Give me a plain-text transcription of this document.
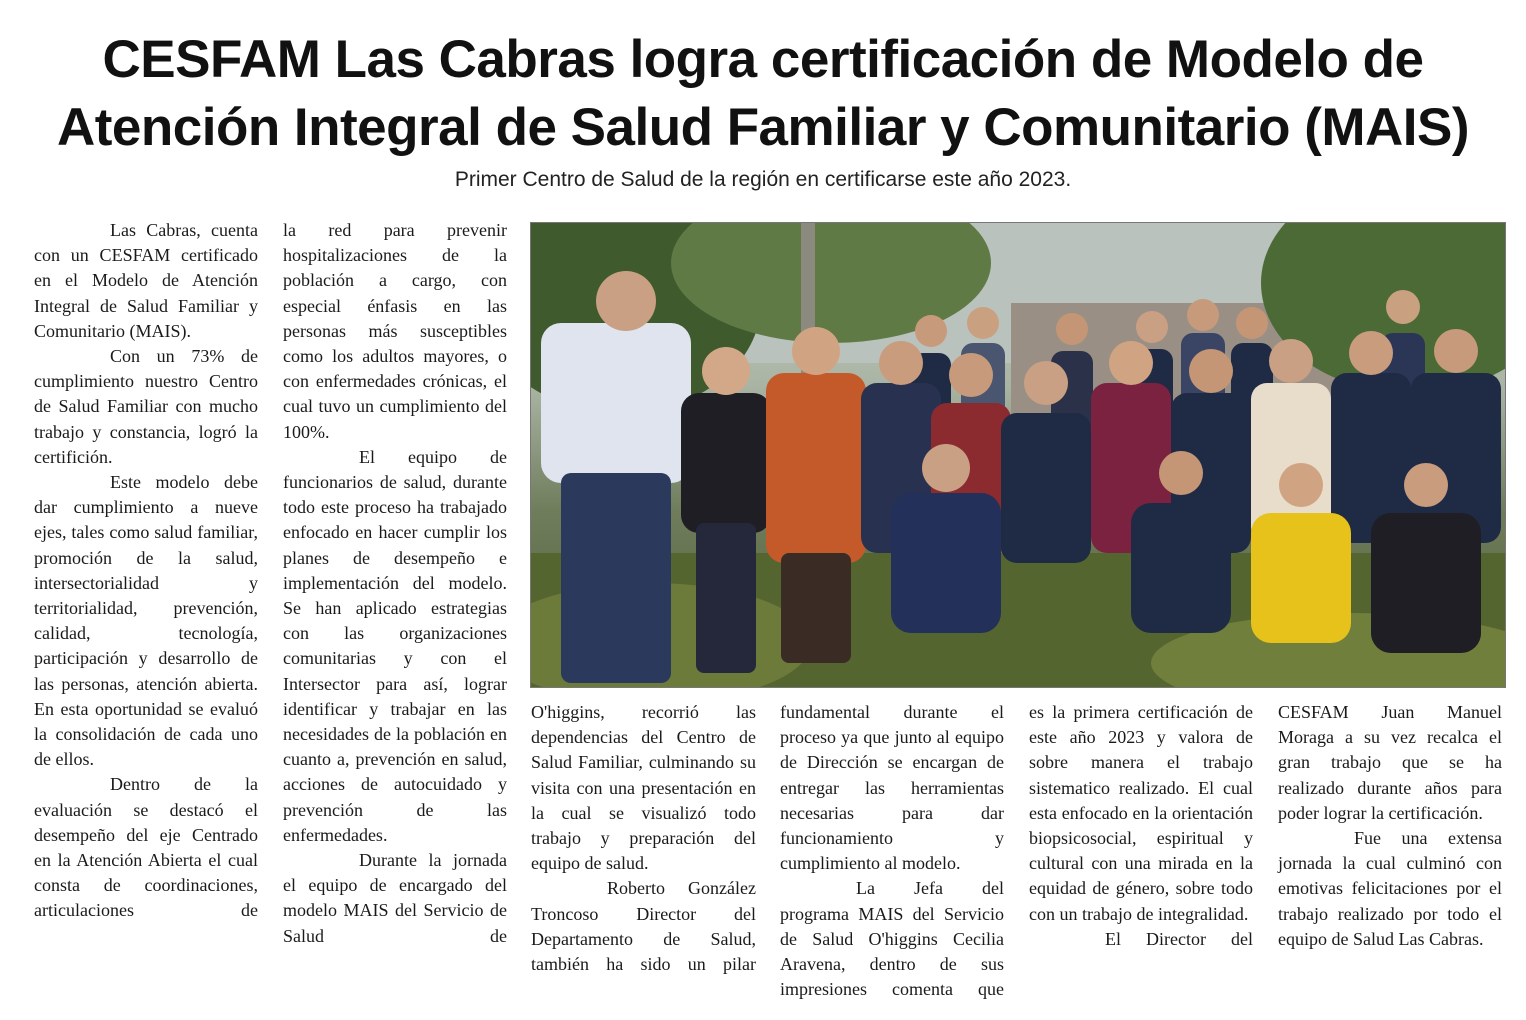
CESFAM Las Cabras logra certificación de Modelo de
Atención Integral de Salud Familiar y Comunitario (MAIS)
Primer Centro de Salud de la región en certificarse este año 2023.

Las Cabras, cuenta con un CESFAM certificado en el Modelo de Atención Integral de Salud Familiar y Comunitario (MAIS).

Con un 73% de cumplimiento nuestro Centro de Salud Familiar con mucho trabajo y constancia, logró la certifición.

Este modelo debe dar cumplimiento a nueve ejes, tales como salud familiar, promoción de la salud, intersectorialidad y territorialidad, prevención, calidad, tecnología, participación y desarrollo de las personas, atención abierta. En esta oportunidad se evaluó la consolidación de cada uno de ellos.

Dentro de la evaluación se destacó el desempeño del eje Centrado en la Atención Abierta el cual consta de coordinaciones, articulaciones de

la red para prevenir hospitalizaciones de la población a cargo, con especial énfasis en las personas más susceptibles como los adultos mayores, o con enfermedades crónicas, el cual tuvo un cumplimiento del 100%.

El equipo de funcionarios de salud, durante todo este proceso ha trabajado enfocado en hacer cumplir los planes de desempeño e implementación del modelo. Se han aplicado estrategias con las organizaciones comunitarias y con el Intersector para así, lograr identificar y trabajar en las necesidades de la población en cuanto a, prevención en salud, acciones de autocuidado y prevención de las enfermedades.

Durante la jornada el equipo de encargado del modelo MAIS del Servicio de Salud de

O'higgins, recorrió las dependencias del Centro de Salud Familiar, culminando su visita con una presentación en la cual se visualizó todo trabajo y preparación del equipo de salud.

Roberto González Troncoso Director del Departamento de Salud, también ha sido un pilar

fundamental durante el proceso ya que junto al equipo de Dirección se encargan de entregar las herramientas necesarias para dar funcionamiento y cumplimiento al modelo.

La Jefa del programa MAIS del Servicio de Salud O'higgins Cecilia Aravena, dentro de sus impresiones comenta que

es la primera certificación de este año 2023 y valora de sobre manera el trabajo sistematico realizado. El cual esta enfocado en la orientación biopsicosocial, espiritual y cultural con una mirada en la equidad de género, sobre todo con un trabajo de integralidad.

El Director del

CESFAM Juan Manuel Moraga a su vez recalca el gran trabajo que se ha realizado durante años para poder lograr la certificación.

Fue una extensa jornada la cual culminó con emotivas felicitaciones por el trabajo realizado por todo el equipo de Salud Las Cabras.
